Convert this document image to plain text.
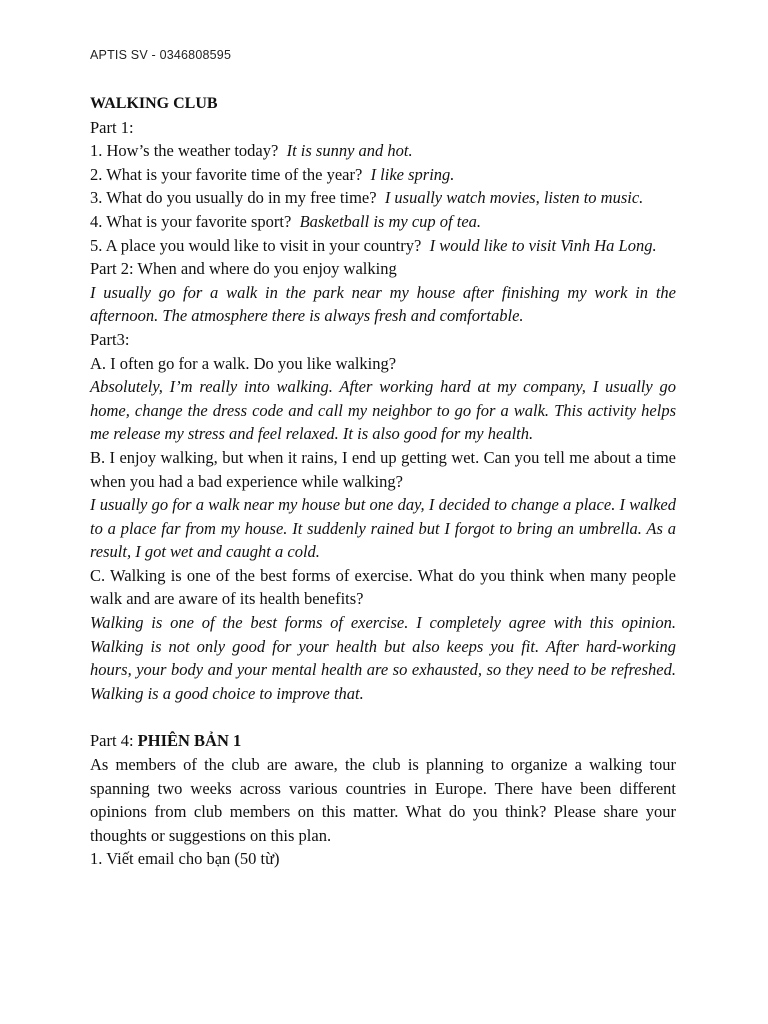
APTIS SV - 0346808595

WALKING CLUB

Part 1:

1. How’s the weather today? It is sunny and hot.

2. What is your favorite time of the year? I like spring.

3. What do you usually do in my free time? I usually watch movies, listen to music.

4. What is your favorite sport? Basketball is my cup of tea.

5. A place you would like to visit in your country? I would like to visit Vinh Ha Long.

Part 2: When and where do you enjoy walking

I usually go for a walk in the park near my house after finishing my work in the afternoon. The atmosphere there is always fresh and comfortable.

Part3:

A. I often go for a walk. Do you like walking?

Absolutely, I’m really into walking. After working hard at my company, I usually go home, change the dress code and call my neighbor to go for a walk. This activity helps me release my stress and feel relaxed. It is also good for my health.

B. I enjoy walking, but when it rains, I end up getting wet. Can you tell me about a time when you had a bad experience while walking?

I usually go for a walk near my house but one day, I decided to change a place. I walked to a place far from my house. It suddenly rained but I forgot to bring an umbrella. As a result, I got wet and caught a cold.

C. Walking is one of the best forms of exercise. What do you think when many people walk and are aware of its health benefits?

Walking is one of the best forms of exercise. I completely agree with this opinion. Walking is not only good for your health but also keeps you fit. After hard-working hours, your body and your mental health are so exhausted, so they need to be refreshed. Walking is a good choice to improve that.

Part 4: PHIÊN BẢN 1

As members of the club are aware, the club is planning to organize a walking tour spanning two weeks across various countries in Europe. There have been different opinions from club members on this matter. What do you think? Please share your thoughts or suggestions on this plan.

1. Viết email cho bạn (50 từ)
